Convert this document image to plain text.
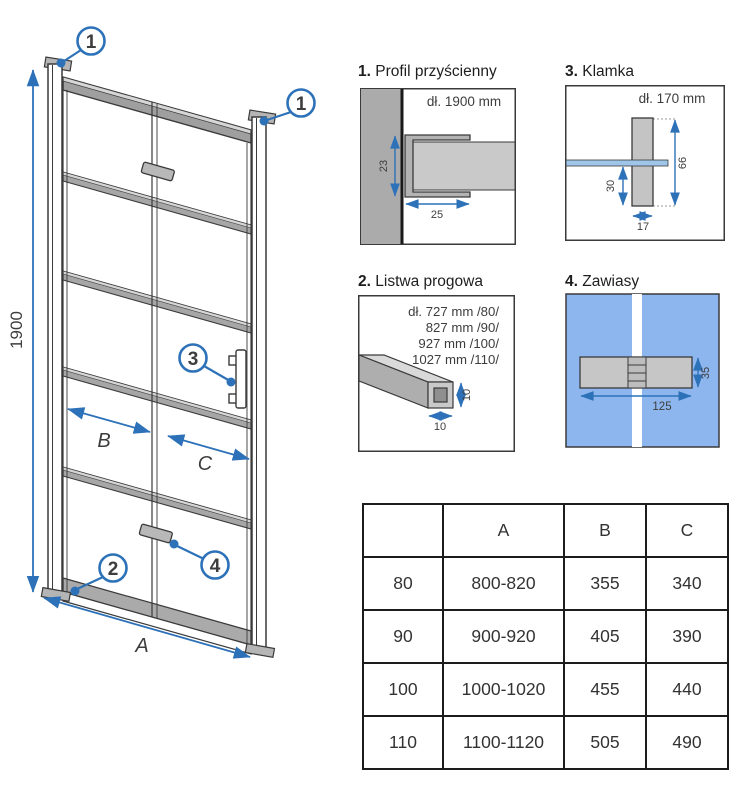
1900
B
C
A
1
1
3
2	4
1. Profil przyścienny	3. Klamka
2. Listwa progowa	4. Zawiasy
23
25
dł. 1900 mm
66
30
17
dł. 170 mm
dł. 727 mm /80/
827 mm /90/
927 mm /100/
1027 mm /110/
10
10
125
35
	A	B	C
80	800-820	355	340
90	900-920	405	390
100	1000-1020	455	440
110	1100-1120	505	490
